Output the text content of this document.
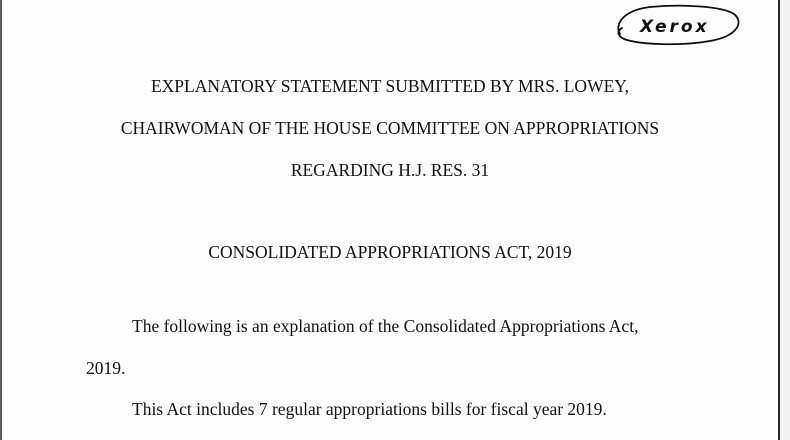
Xerox
EXPLANATORY STATEMENT SUBMITTED BY MRS. LOWEY,
CHAIRWOMAN OF THE HOUSE COMMITTEE ON APPROPRIATIONS
REGARDING H.J. RES. 31
CONSOLIDATED APPROPRIATIONS ACT, 2019
The following is an explanation of the Consolidated Appropriations Act,
2019.
This Act includes 7 regular appropriations bills for fiscal year 2019.
